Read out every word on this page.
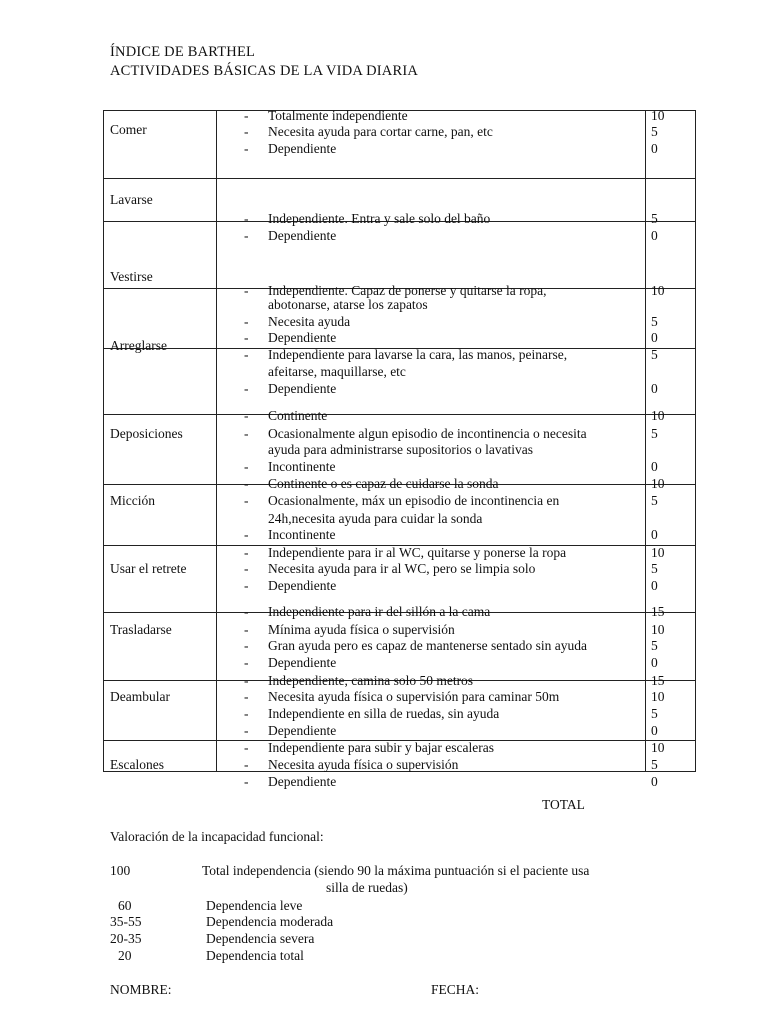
ÍNDICE DE BARTHEL
ACTIVIDADES BÁSICAS DE LA VIDA DIARIA
Comer
- Totalmente independiente	10
- Necesita ayuda para cortar carne, pan, etc	5
- Dependiente	0
Lavarse
- Independiente. Entra y sale solo del baño	5
- Dependiente	0
Vestirse
- Independiente. Capaz de ponerse y quitarse la ropa,
abotonarse, atarse los zapatos
10
- Necesita ayuda	5
- Dependiente	0
Arreglarse
- Independiente para lavarse la cara, las manos, peinarse,
afeitarse, maquillarse, etc
5
- Dependiente	0
Deposiciones
- Continente	10
- Ocasionalmente algun episodio de incontinencia o necesita
ayuda para administrarse supositorios o lavativas
5
- Incontinente	0
Micción
- Continente o es capaz de cuidarse la sonda	10
- Ocasionalmente, máx un episodio de incontinencia en
24h,necesita ayuda para cuidar la sonda
5
- Incontinente	0
Usar el retrete
- Independiente para ir al WC, quitarse y ponerse la ropa	10
- Necesita ayuda para ir al WC, pero se limpia solo	5
- Dependiente	0
Trasladarse
- Independiente para ir del sillón a la cama	15
- Mínima ayuda física o supervisión	10
- Gran ayuda pero es capaz de mantenerse sentado sin ayuda	5
- Dependiente	0
Deambular
- Independiente, camina solo 50 metros	15
- Necesita ayuda física o supervisión para caminar 50m	10
- Independiente en silla de ruedas, sin ayuda	5
- Dependiente	0
Escalones
- Independiente para subir y bajar escaleras	10
- Necesita ayuda física o supervisión	5
- Dependiente	0
TOTAL
Valoración de la incapacidad funcional:
100	Total independencia (siendo 90 la máxima puntuación si el paciente usa
silla de ruedas)
60	Dependencia leve
35-55	Dependencia moderada
20-35	Dependencia severa
20	Dependencia total
NOMBRE:	FECHA:
